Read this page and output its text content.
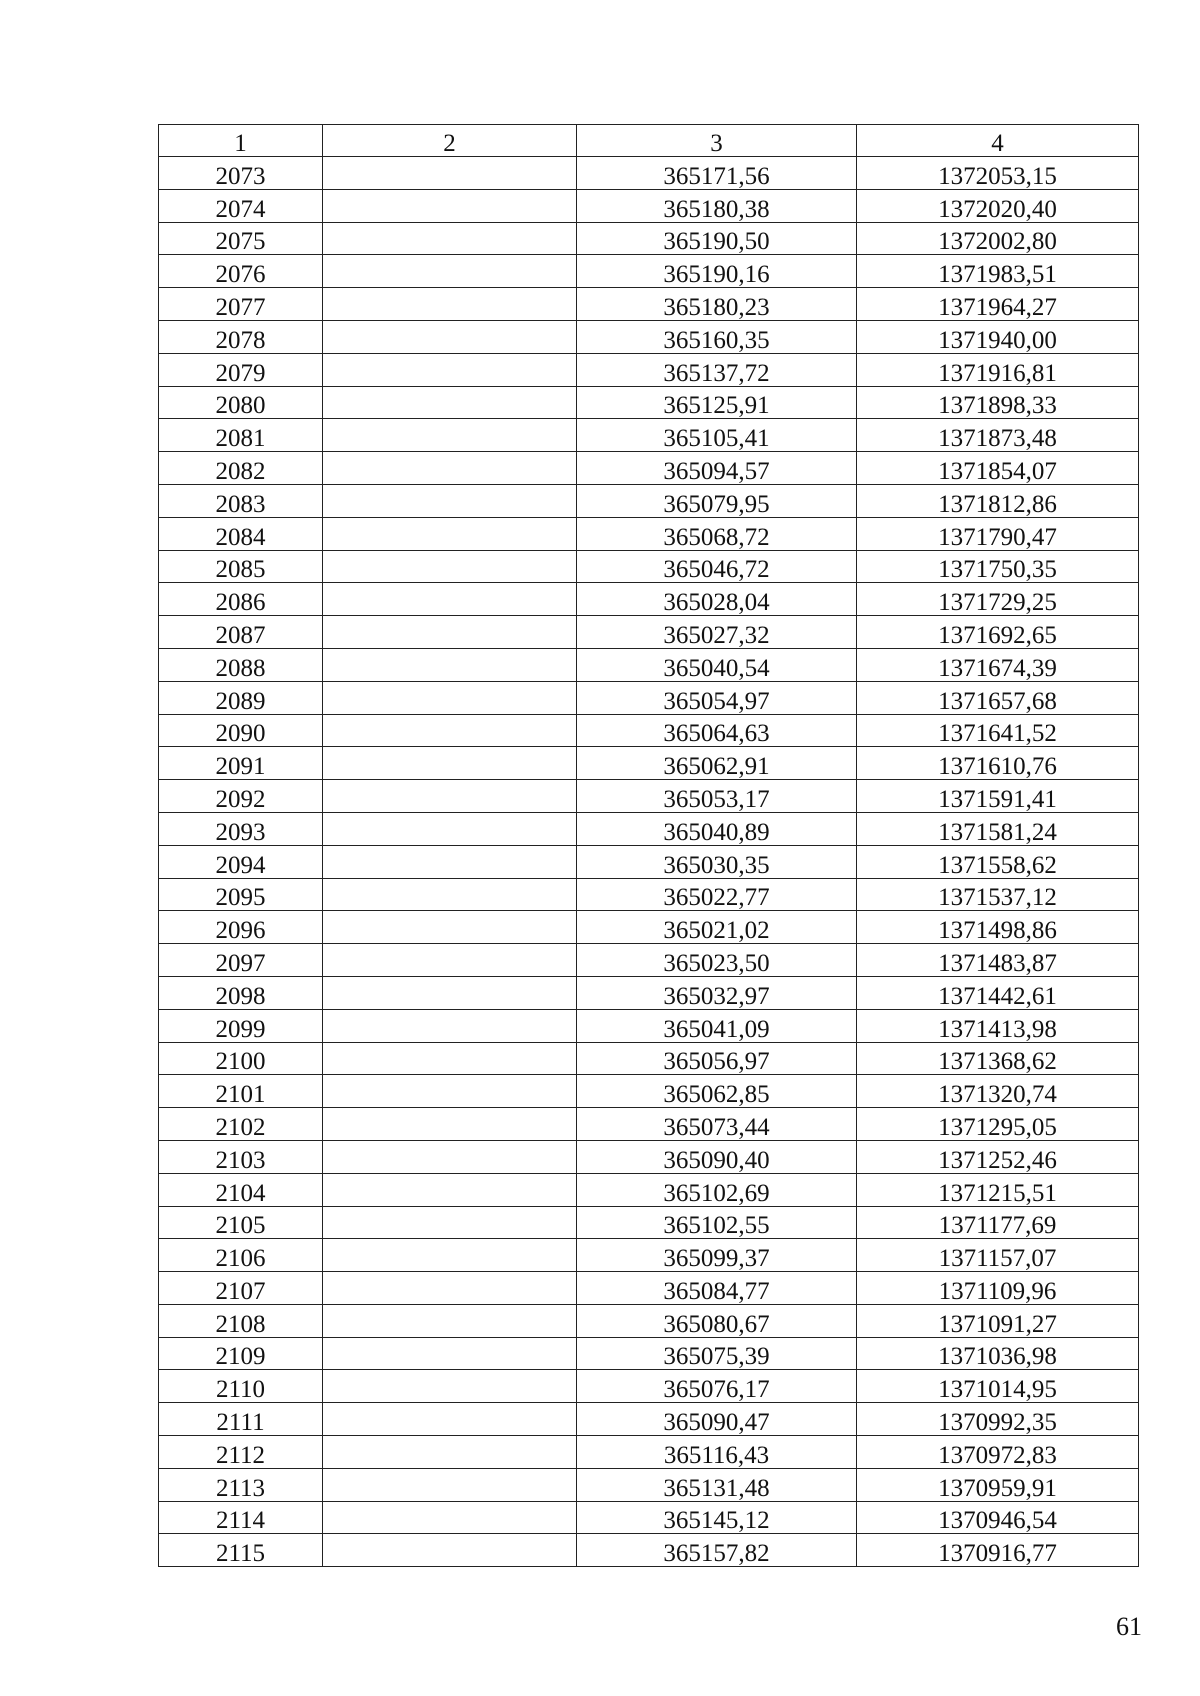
1	2	3	4
2073		365171,56	1372053,15
2074		365180,38	1372020,40
2075		365190,50	1372002,80
2076		365190,16	1371983,51
2077		365180,23	1371964,27
2078		365160,35	1371940,00
2079		365137,72	1371916,81
2080		365125,91	1371898,33
2081		365105,41	1371873,48
2082		365094,57	1371854,07
2083		365079,95	1371812,86
2084		365068,72	1371790,47
2085		365046,72	1371750,35
2086		365028,04	1371729,25
2087		365027,32	1371692,65
2088		365040,54	1371674,39
2089		365054,97	1371657,68
2090		365064,63	1371641,52
2091		365062,91	1371610,76
2092		365053,17	1371591,41
2093		365040,89	1371581,24
2094		365030,35	1371558,62
2095		365022,77	1371537,12
2096		365021,02	1371498,86
2097		365023,50	1371483,87
2098		365032,97	1371442,61
2099		365041,09	1371413,98
2100		365056,97	1371368,62
2101		365062,85	1371320,74
2102		365073,44	1371295,05
2103		365090,40	1371252,46
2104		365102,69	1371215,51
2105		365102,55	1371177,69
2106		365099,37	1371157,07
2107		365084,77	1371109,96
2108		365080,67	1371091,27
2109		365075,39	1371036,98
2110		365076,17	1371014,95
2111		365090,47	1370992,35
2112		365116,43	1370972,83
2113		365131,48	1370959,91
2114		365145,12	1370946,54
2115		365157,82	1370916,77
61
